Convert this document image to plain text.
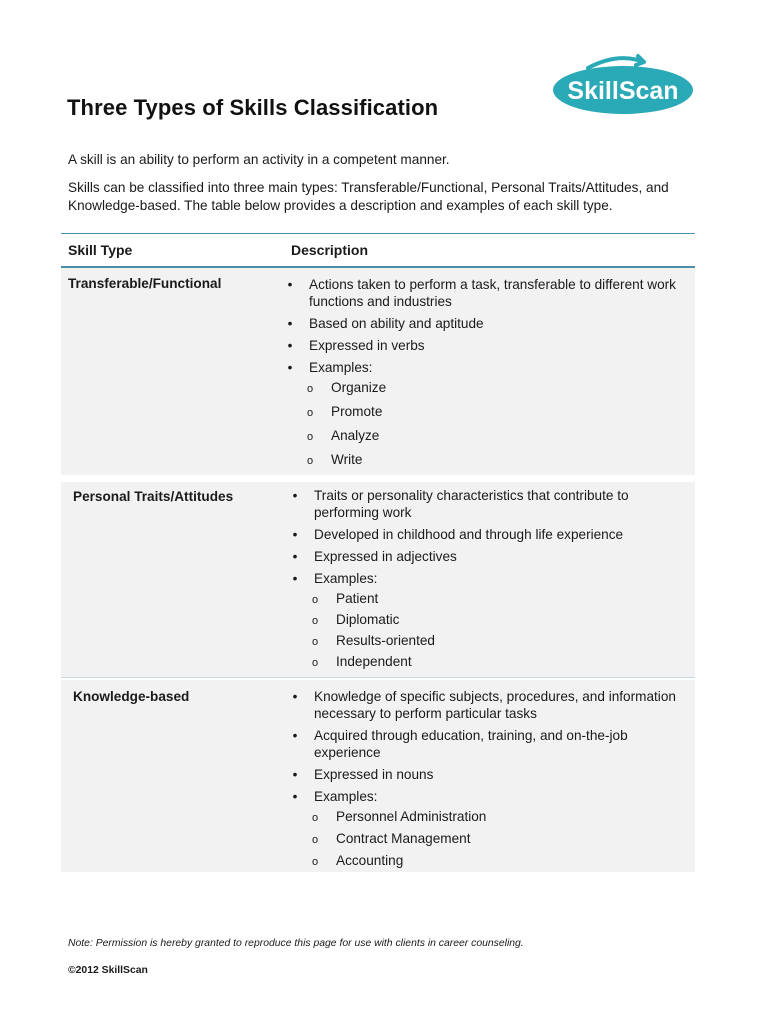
Three Types of Skills Classification
SkillScan

A skill is an ability to perform an activity in a competent manner.

Skills can be classified into three main types: Transferable/Functional, Personal Traits/Attitudes, and Knowledge-based. The table below provides a description and examples of each skill type.

Skill Type	Description
Transferable/Functional	• Actions taken to perform a task, transferable to different work functions and industries
• Based on ability and aptitude
• Expressed in verbs
• Examples:
o Organize
o Promote
o Analyze
o Write
Personal Traits/Attitudes	• Traits or personality characteristics that contribute to performing work
• Developed in childhood and through life experience
• Expressed in adjectives
• Examples:
o Patient
o Diplomatic
o Results-oriented
o Independent
Knowledge-based	• Knowledge of specific subjects, procedures, and information necessary to perform particular tasks
• Acquired through education, training, and on-the-job experience
• Expressed in nouns
• Examples:
o Personnel Administration
o Contract Management
o Accounting
Note: Permission is hereby granted to reproduce this page for use with clients in career counseling.
©2012 SkillScan
